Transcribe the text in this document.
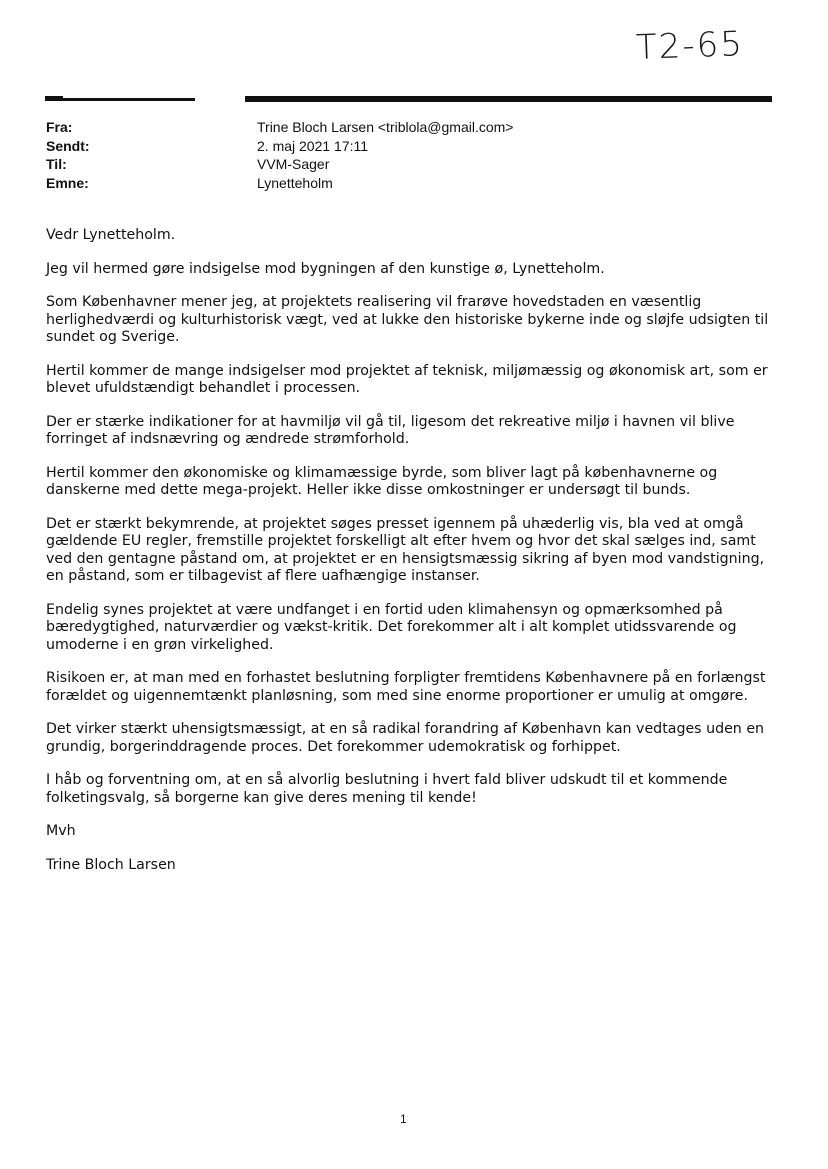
T2-65
Fra:	Trine Bloch Larsen <triblola@gmail.com>
Sendt:	2. maj 2021 17:11
Til:	VVM-Sager
Emne:	Lynetteholm

Vedr Lynetteholm.

Jeg vil hermed gøre indsigelse mod bygningen af den kunstige ø, Lynetteholm.

Som Københavner mener jeg, at projektets realisering vil frarøve hovedstaden en væsentlig herlighedværdi og kulturhistorisk vægt, ved at lukke den historiske bykerne inde og sløjfe udsigten til sundet og Sverige.

Hertil kommer de mange indsigelser mod projektet af teknisk, miljømæssig og økonomisk art, som er blevet ufuldstændigt behandlet i processen.

Der er stærke indikationer for at havmiljø vil gå til, ligesom det rekreative miljø i havnen vil blive forringet af indsnævring og ændrede strømforhold.

Hertil kommer den økonomiske og klimamæssige byrde, som bliver lagt på københavnerne og danskerne med dette mega-projekt. Heller ikke disse omkostninger er undersøgt til bunds.

Det er stærkt bekymrende, at projektet søges presset igennem på uhæderlig vis, bla ved at omgå gældende EU regler, fremstille projektet forskelligt alt efter hvem og hvor det skal sælges ind, samt ved den gentagne påstand om, at projektet er en hensigtsmæssig sikring af byen mod vandstigning, en påstand, som er tilbagevist af flere uafhængige instanser.

Endelig synes projektet at være undfanget i en fortid uden klimahensyn og opmærksomhed på bæredygtighed, naturværdier og vækst-kritik. Det forekommer alt i alt komplet utidssvarende og umoderne i en grøn virkelighed.

Risikoen er, at man med en forhastet beslutning forpligter fremtidens Københavnere på en forlængst forældet og uigennemtænkt planløsning, som med sine enorme proportioner er umulig at omgøre.

Det virker stærkt uhensigtsmæssigt, at en så radikal forandring af København kan vedtages uden en grundig, borgerinddragende proces. Det forekommer udemokratisk og forhippet.

I håb og forventning om, at en så alvorlig beslutning i hvert fald bliver udskudt til et kommende folketingsvalg, så borgerne kan give deres mening til kende!

Mvh

Trine Bloch Larsen

1
